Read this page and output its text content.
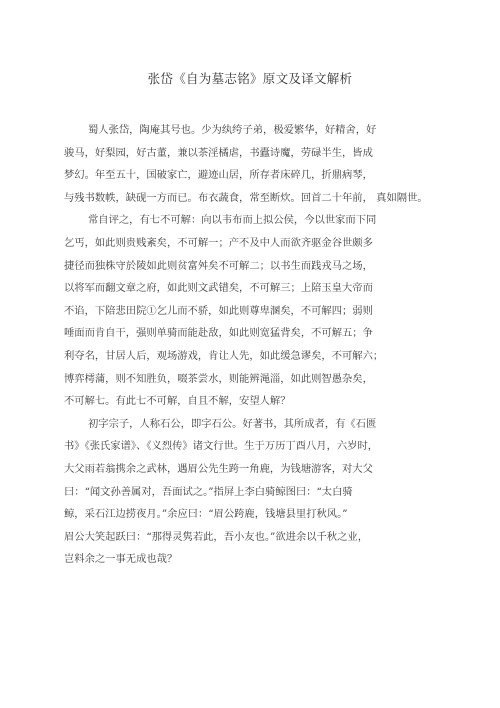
张岱《自为墓志铭》原文及译文解析
蜀人张岱，陶庵其号也。少为纨绔子弟，极爱繁华，好精舍，好
骏马，好梨园，好古董，兼以茶淫橘虐，书蠹诗魔，劳碌半生，皆成
梦幻。年至五十，国破家亡，避迹山居，所存者床碎几，折鼎病琴，
与残书数帙，缺砚一方而已。布衣蔬食，常至断炊。回首二十年前， 真如隔世。
常自评之，有七不可解：向以韦布而上拟公侯，今以世家而下同
乞丐，如此则贵贱紊矣，不可解一；产不及中人而欲齐驱金谷世颇多
捷径而独株守於陵如此则贫富舛矣不可解二；以书生而践戎马之场，
以将军而翻文章之府，如此则文武错矣，不可解三；上陪玉皇大帝而
不谄，下陪悲田院①乞儿而不骄，如此则尊卑溷矣，不可解四；弱则
唾面而肯自干，强则单骑而能赴敌，如此则宽猛背矣，不可解五；争
利夺名，甘居人后，观场游戏，肯让人先，如此缓急谬矣，不可解六；
博弈樗蒲，则不知胜负，啜茶尝水，则能辨渑淄，如此则智愚杂矣，
不可解七。有此七不可解，自且不解，安望人解？
初字宗子，人称石公，即字石公。好著书，其所成者，有《石匮
书》《张氏家谱》、《义烈传》诸文行世。生于万历丁酉八月，六岁时，
大父雨若翁携余之武林，遇眉公先生跨一角鹿，为钱塘游客，对大父
曰：“闻文孙善属对，吾面试之。”指屏上李白骑鲸图曰：“太白骑
鲸，采石江边捞夜月。”余应曰：“眉公跨鹿，钱塘县里打秋风。”
眉公大笑起跃曰：“那得灵隽若此，吾小友也。”欲进余以千秋之业，
岂料余之一事无成也哉？
